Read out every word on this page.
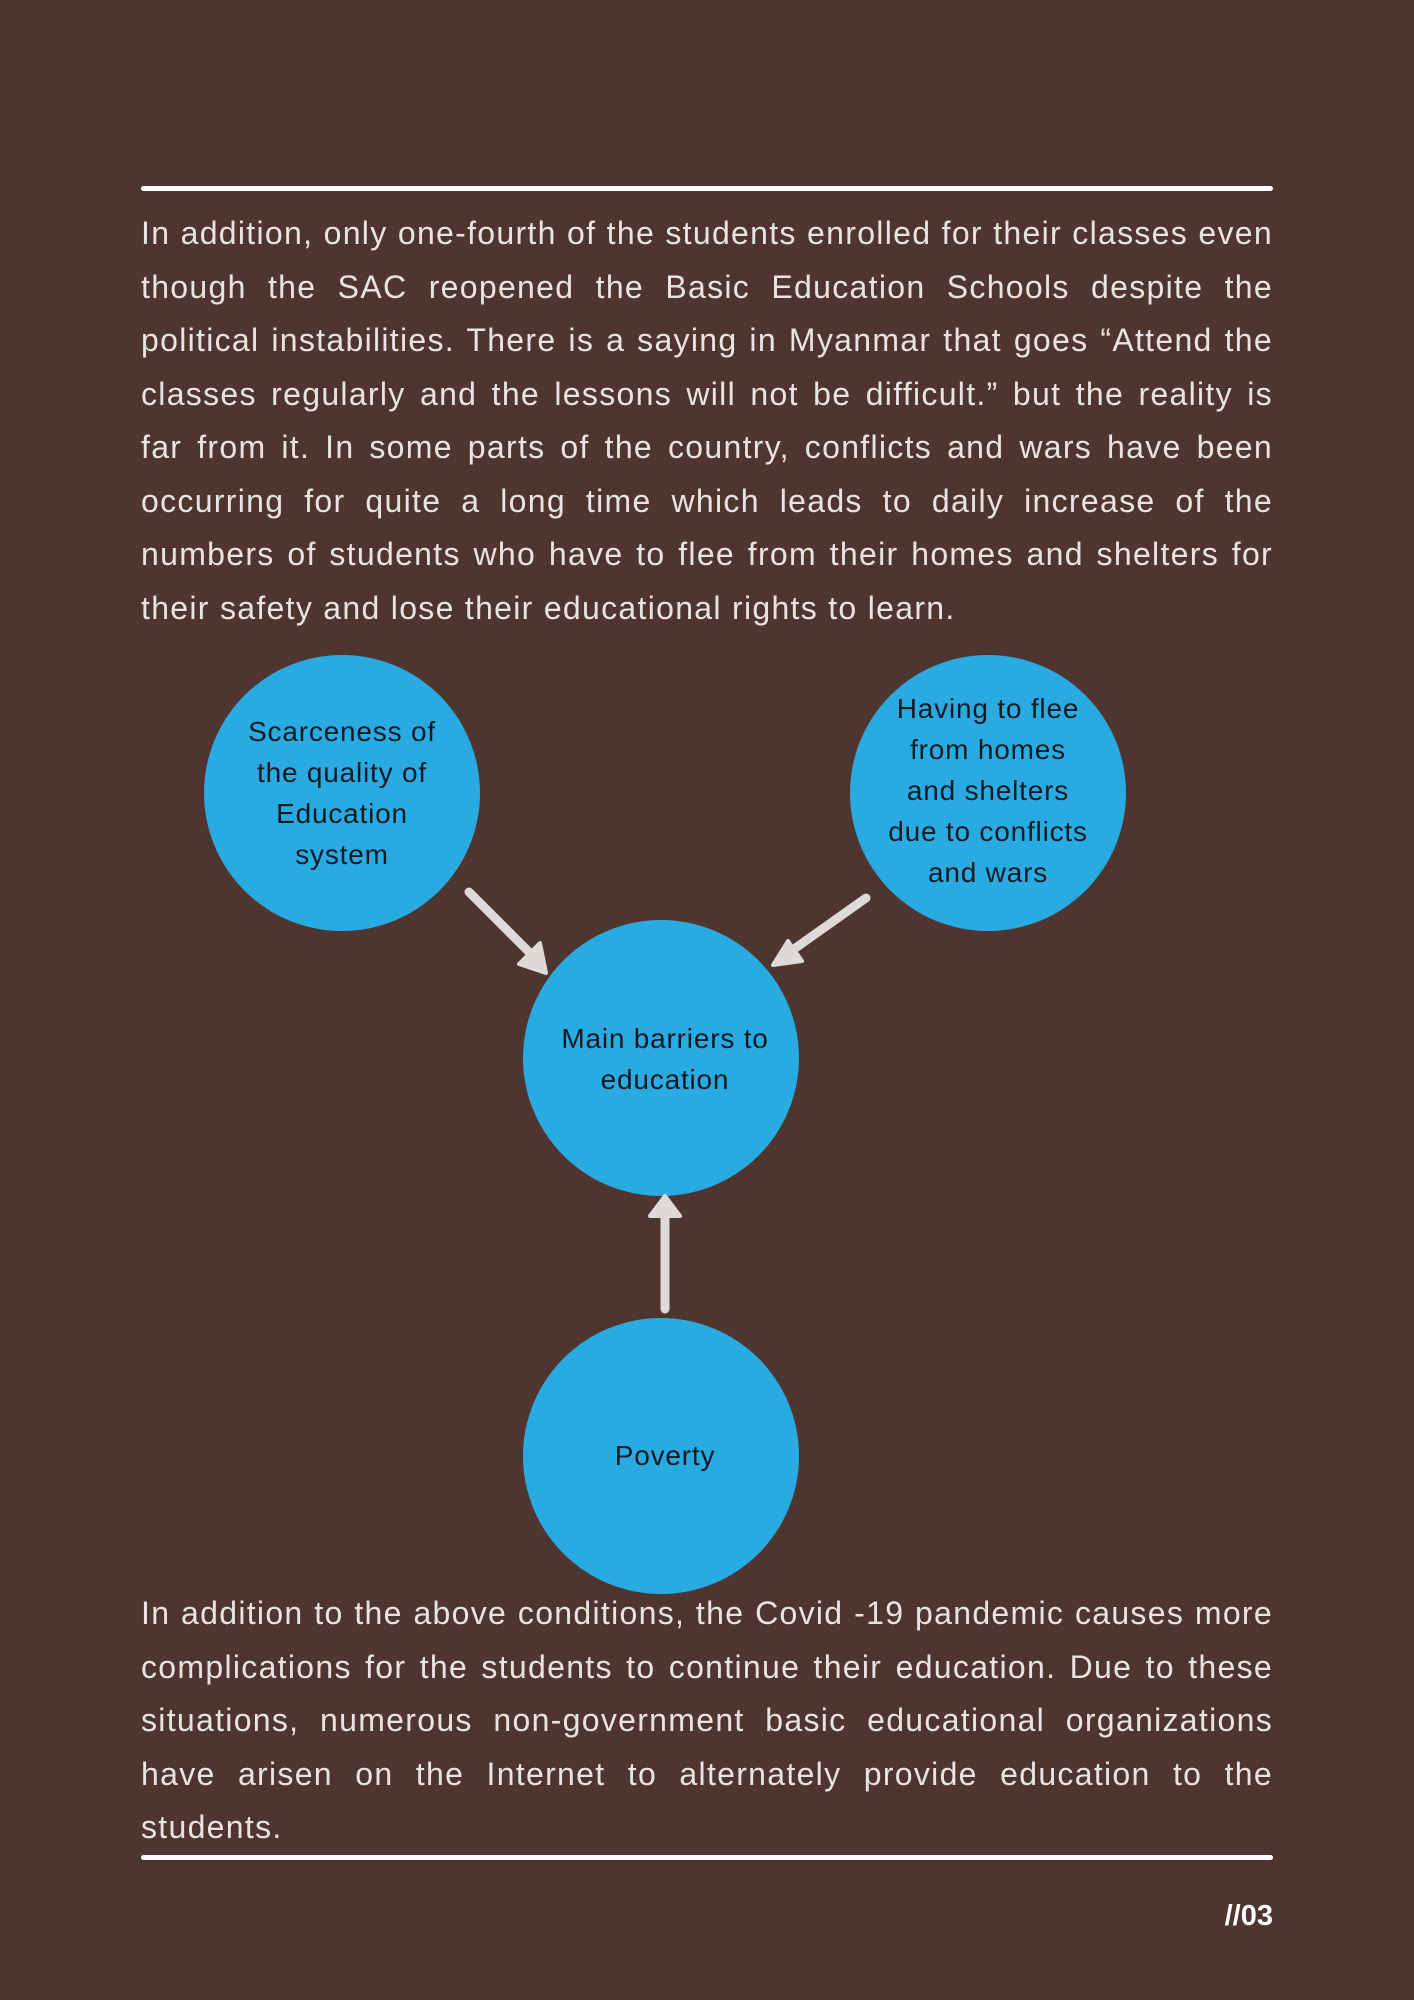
In addition, only one-fourth of the students enrolled for their classes even though the SAC reopened the Basic Education Schools despite the political instabilities. There is a saying in Myanmar that goes “Attend the classes regularly and the lessons will not be difficult.” but the reality is far from it. In some parts of the country, conflicts and wars have been occurring for quite a long time which leads to daily increase of the numbers of students who have to flee from their homes and shelters for their safety and lose their educational rights to learn.

Scarceness of the quality of Education system

Having to flee from homes and shelters due to conflicts and wars

Main barriers to education

Poverty

In addition to the above conditions, the Covid -19 pandemic causes more complications for the students to continue their education. Due to these situations, numerous non-government basic educational organizations have arisen on the Internet to alternately provide education to the students.

//03
